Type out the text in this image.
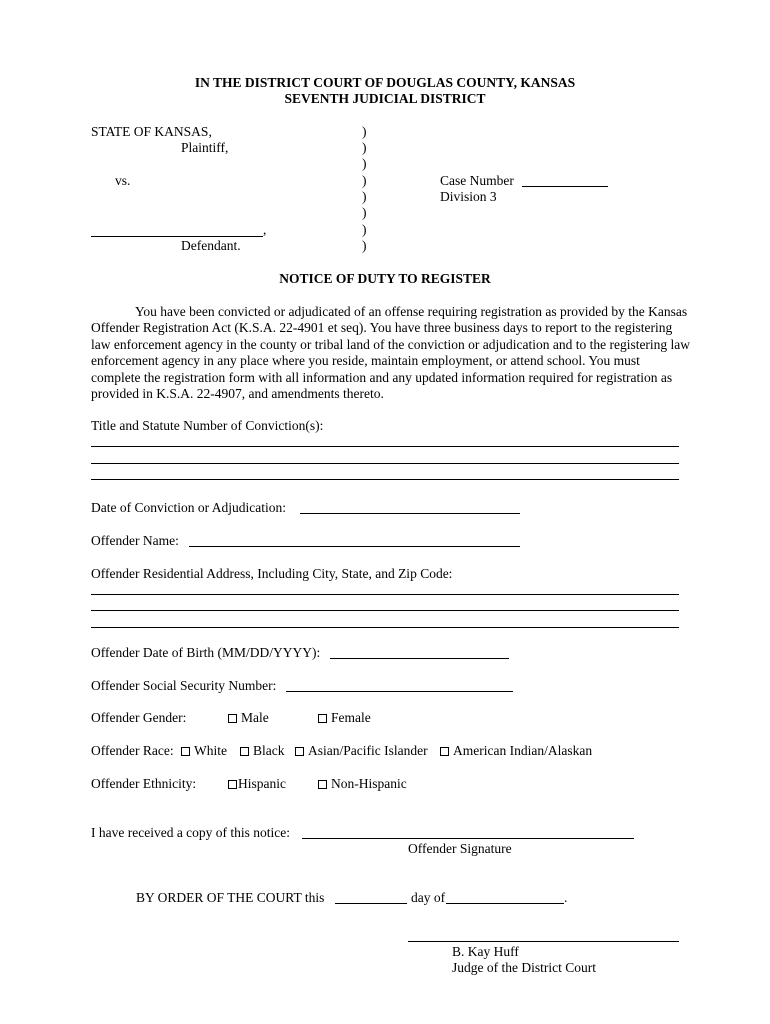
IN THE DISTRICT COURT OF DOUGLAS COUNTY, KANSAS
SEVENTH JUDICIAL DISTRICT
STATE OF KANSAS,
Plaintiff,
vs.
,
Defendant.
)
)
)
)
)
)
)
)
Case Number
Division 3
NOTICE OF DUTY TO REGISTER
You have been convicted or adjudicated of an offense requiring registration as provided by the Kansas Offender Registration Act (K.S.A. 22-4901 et seq). You have three business days to report to the registering law enforcement agency in the county or tribal land of the conviction or adjudication and to the registering law enforcement agency in any place where you reside, maintain employment, or attend school. You must complete the registration form with all information and any updated information required for registration as provided in K.S.A. 22-4907, and amendments thereto.
Title and Statute Number of Conviction(s):
Date of Conviction or Adjudication:
Offender Name:
Offender Residential Address, Including City, State, and Zip Code:
Offender Date of Birth (MM/DD/YYYY):
Offender Social Security Number:
Offender Gender:	Male	Female
Offender Race:	White	Black	Asian/Pacific Islander	American Indian/Alaskan
Offender Ethnicity:	Hispanic	Non-Hispanic
I have received a copy of this notice:
Offender Signature
BY ORDER OF THE COURT this	day of	.
B. Kay Huff
Judge of the District Court
